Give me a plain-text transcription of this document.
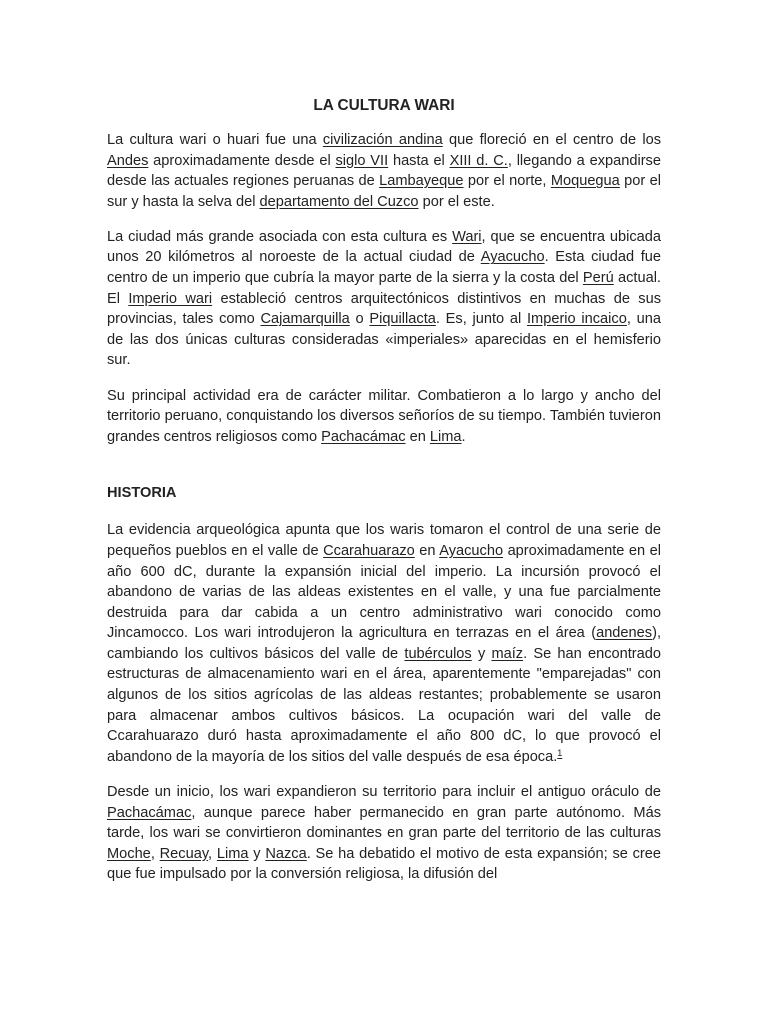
LA CULTURA WARI

La cultura wari o huari fue una civilización andina que floreció en el centro de los Andes aproximadamente desde el siglo VII hasta el XIII d. C., llegando a expandirse desde las actuales regiones peruanas de Lambayeque por el norte, Moquegua por el sur y hasta la selva del departamento del Cuzco por el este.

La ciudad más grande asociada con esta cultura es Wari, que se encuentra ubicada unos 20 kilómetros al noroeste de la actual ciudad de Ayacucho. Esta ciudad fue centro de un imperio que cubría la mayor parte de la sierra y la costa del Perú actual. El Imperio wari estableció centros arquitectónicos distintivos en muchas de sus provincias, tales como Cajamarquilla o Piquillacta. Es, junto al Imperio incaico, una de las dos únicas culturas consideradas «imperiales» aparecidas en el hemisferio sur.

Su principal actividad era de carácter militar. Combatieron a lo largo y ancho del territorio peruano, conquistando los diversos señoríos de su tiempo. También tuvieron grandes centros religiosos como Pachacámac en Lima.

HISTORIA

La evidencia arqueológica apunta que los waris tomaron el control de una serie de pequeños pueblos en el valle de Ccarahuarazo en Ayacucho aproximadamente en el año 600 dC, durante la expansión inicial del imperio. La incursión provocó el abandono de varias de las aldeas existentes en el valle, y una fue parcialmente destruida para dar cabida a un centro administrativo wari conocido como Jincamocco. Los wari introdujeron la agricultura en terrazas en el área (andenes), cambiando los cultivos básicos del valle de tubérculos y maíz. Se han encontrado estructuras de almacenamiento wari en el área, aparentemente "emparejadas" con algunos de los sitios agrícolas de las aldeas restantes; probablemente se usaron para almacenar ambos cultivos básicos. La ocupación wari del valle de Ccarahuarazo duró hasta aproximadamente el año 800 dC, lo que provocó el abandono de la mayoría de los sitios del valle después de esa época.$^1$

Desde un inicio, los wari expandieron su territorio para incluir el antiguo oráculo de Pachacámac, aunque parece haber permanecido en gran parte autónomo. Más tarde, los wari se convirtieron dominantes en gran parte del territorio de las culturas Moche, Recuay, Lima y Nazca. Se ha debatido el motivo de esta expansión; se cree que fue impulsado por la conversión religiosa, la difusión del
